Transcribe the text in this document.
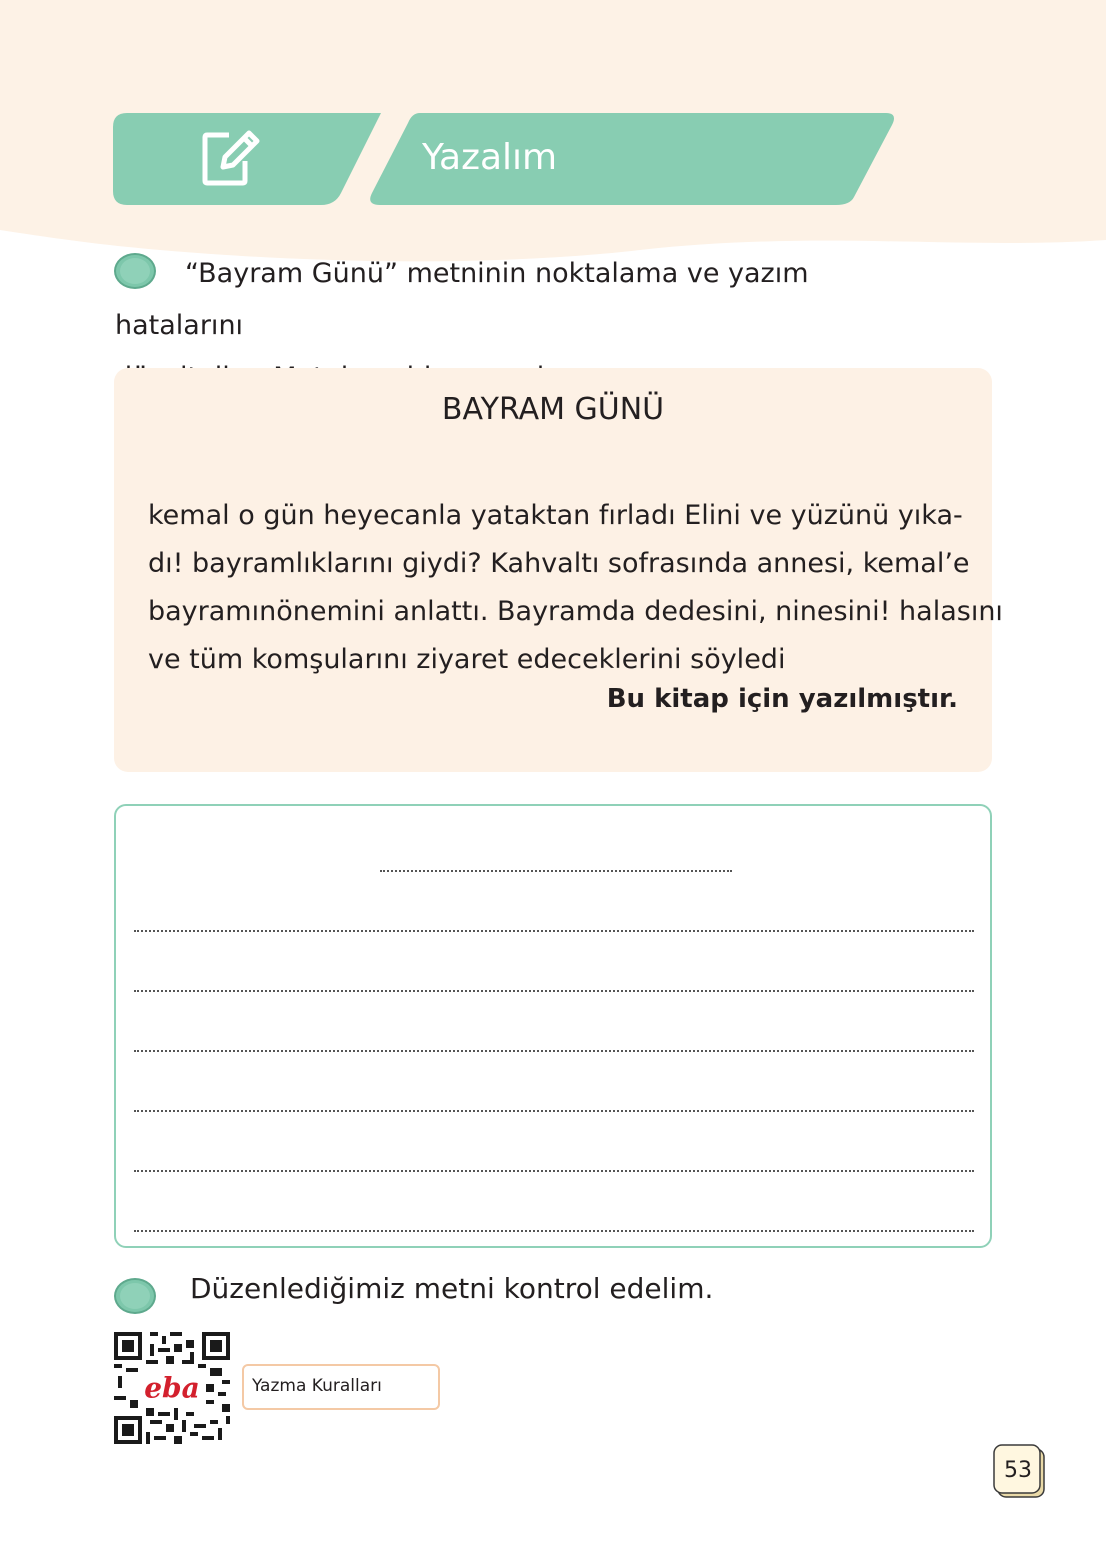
Yazalım
“Bayram Günü” metninin noktalama ve yazım hatalarını

BAYRAM GÜNÜ
kemal o gün heyecanla yataktan fırladı Elini ve yüzünü yıka-
dı! bayramlıklarını giydi? Kahvaltı sofrasında annesi, kemal’e
bayramınönemini anlattı. Bayramda dedesini, ninesini! halasını
ve tüm komşularını ziyaret edeceklerini söyledi
Bu kitap için yazılmıştır.
Düzenlediğimiz metni kontrol edelim.
eba	Yazma Kuralları
53
